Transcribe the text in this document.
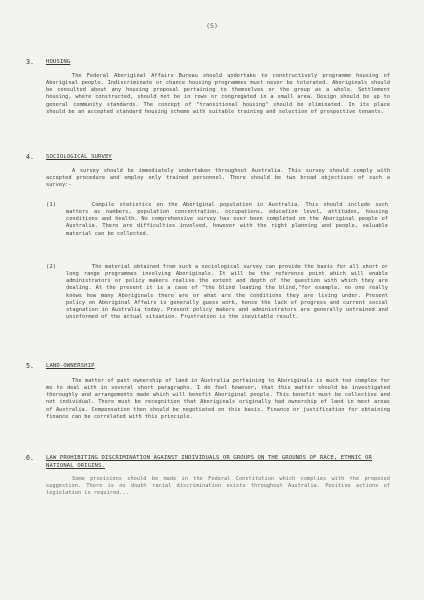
(5)
3. HOUSING

The Federal Aboriginal Affairs Bureau should undertake to constructively programme housing of Aboriginal people. Indiscriminate or chance housing programmes must never be tolerated. Aboriginals should be consulted about any housing proposal pertaining to themselves or the group as a whole. Settlement housing, where constructed, should not be in rows or congregated in a small area. Design should be up to general community standards. The concept of "transitional housing" should be eliminated. In its place should be an accepted standard housing scheme with suitable training and selection of prospective tenants.

4. SOCIOLOGICAL SURVEY

A survey should be immediately undertaken throughout Australia. This survey should comply with accepted procedure and employ only trained personnel. There should be two broad objectives of such a survey:-

(1)	Compile statistics on the Aboriginal population in Australia. This should include such matters as numbers, population concentration, occupations, education level, attitudes, housing conditions and health. No comprehensive survey has ever been completed on the Aboriginal people of Australia. There are difficulties involved, however with the right planning and people, valuable material can be collected.

(2)	The material obtained from such a sociological survey can provide the basis for all short or long range programmes involving Aboriginals. It will be the reference point which will enable administrators or policy makers realise the extent and depth of the question with which they are dealing. At the present it is a case of "the blind leading the blind,"for example, no one really knows how many Aboriginals there are or what are the conditions they are living under. Present policy on Aboriginal Affairs is generally guess work, hence the lack of progress and current social stagnation in Australia today. Present policy makers and administrators are generally untrained and uninformed of the actual situation. Frustration is the inevitable result.

5. LAND-OWNERSHIP

The matter of past ownership of land in Australia pertaining to Aboriginals is much too complex for me to deal with in several short paragraphs. I do feel however, that this matter should be investigated thoroughly and arrangements made which will benefit Aboriginal people. This benefit must be collective and not individual. There must be recognition that Aboriginals originally had ownership of land in most areas of Australia. Compensation then should be negotiated on this basis. Finance or justification for obtaining finance can be correlated with this principle.

6. LAW PROHIBITING DISCRIMINATION AGAINST INDIVIDUALS OR GROUPS ON THE GROUNDS OF RACE, ETHNIC OR NATIONAL ORIGINS.

Some provisions should be made in the Federal Constitution which complies with the proposed suggestion. There is no doubt racial discrimination exists throughout Australia. Positive actions of legislation is required...
